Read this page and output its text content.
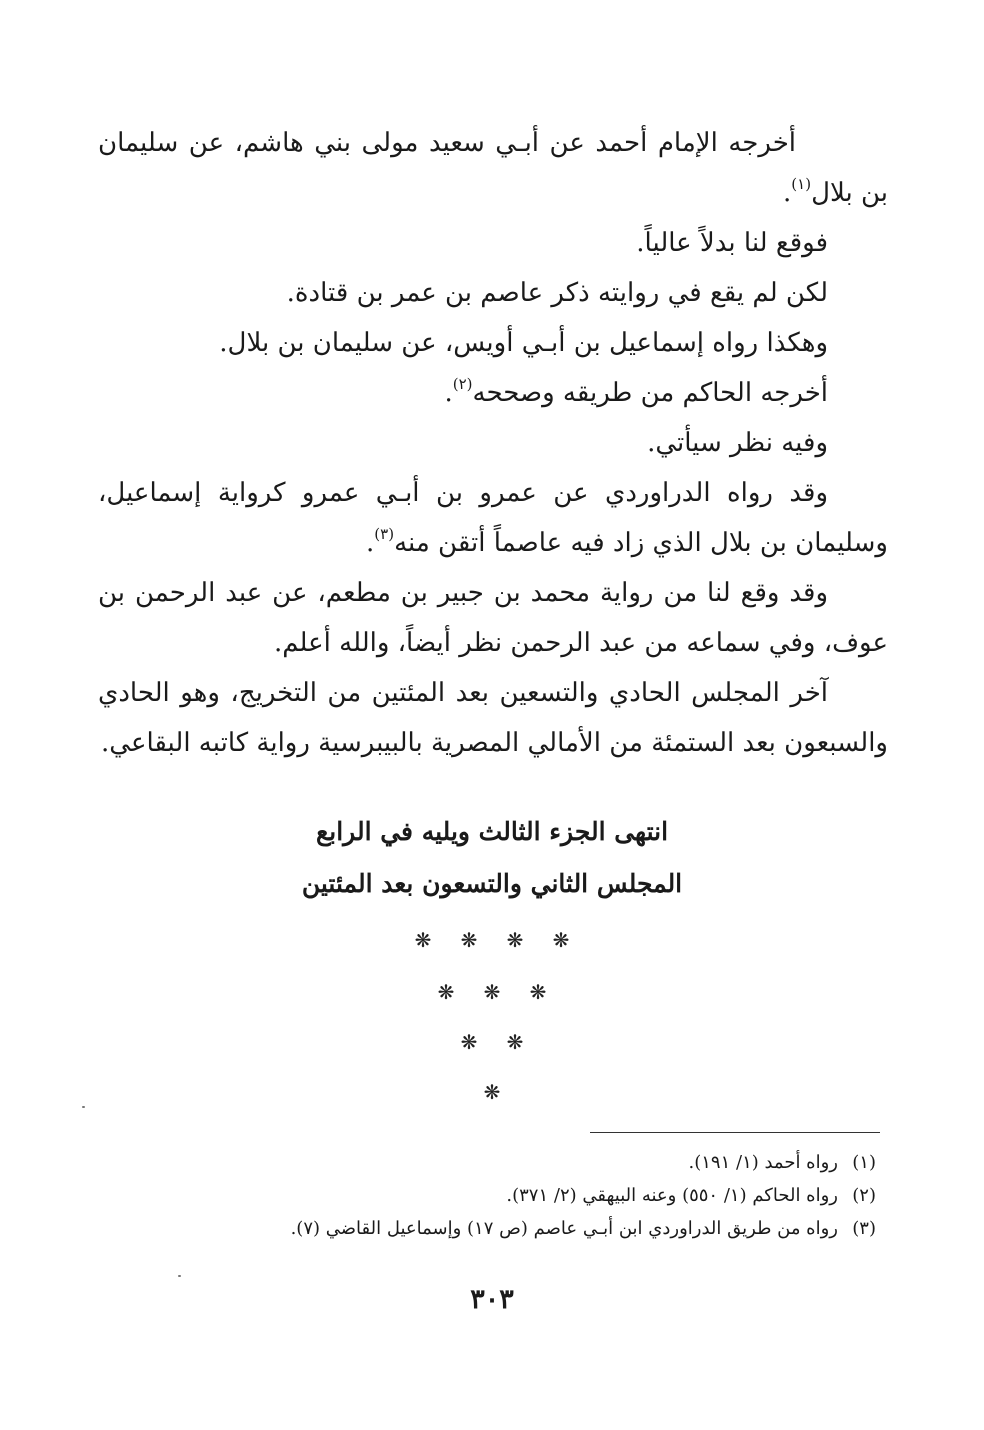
أخرجه الإمام أحمد عن أبـي سعيد مولى بني هاشم، عن سليمان بن بلال$^{(١)}$.

فوقع لنا بدلاً عالياً.

لكن لم يقع في روايته ذكر عاصم بن عمر بن قتادة.

وهكذا رواه إسماعيل بن أبـي أويس، عن سليمان بن بلال.

أخرجه الحاكم من طريقه وصححه$^{(٢)}$.

وفيه نظر سيأتي.

وقد رواه الدراوردي عن عمرو بن أبـي عمرو كرواية إسماعيل، وسليمان بن بلال الذي زاد فيه عاصماً أتقن منه$^{(٣)}$.

وقد وقع لنا من رواية محمد بن جبير بن مطعم، عن عبد الرحمن بن عوف، وفي سماعه من عبد الرحمن نظر أيضاً، والله أعلم.

آخر المجلس الحادي والتسعين بعد المئتين من التخريج، وهو الحادي والسبعون بعد الستمئة من الأمالي المصرية بالبيبرسية رواية كاتبه البقاعي.

انتهى الجزء الثالث ويليه في الرابع
المجلس الثاني والتسعون بعد المئتين
❋ ❋ ❋ ❋
❋ ❋ ❋
❋ ❋
❋

(١)رواه أحمد (١/ ١٩١).

(٢)رواه الحاكم (١/ ٥٥٠) وعنه البيهقي (٢/ ٣٧١).

(٣)رواه من طريق الدراوردي ابن أبـي عاصم (ص ١٧) وإسماعيل القاضي (٧).

٣٠٣
